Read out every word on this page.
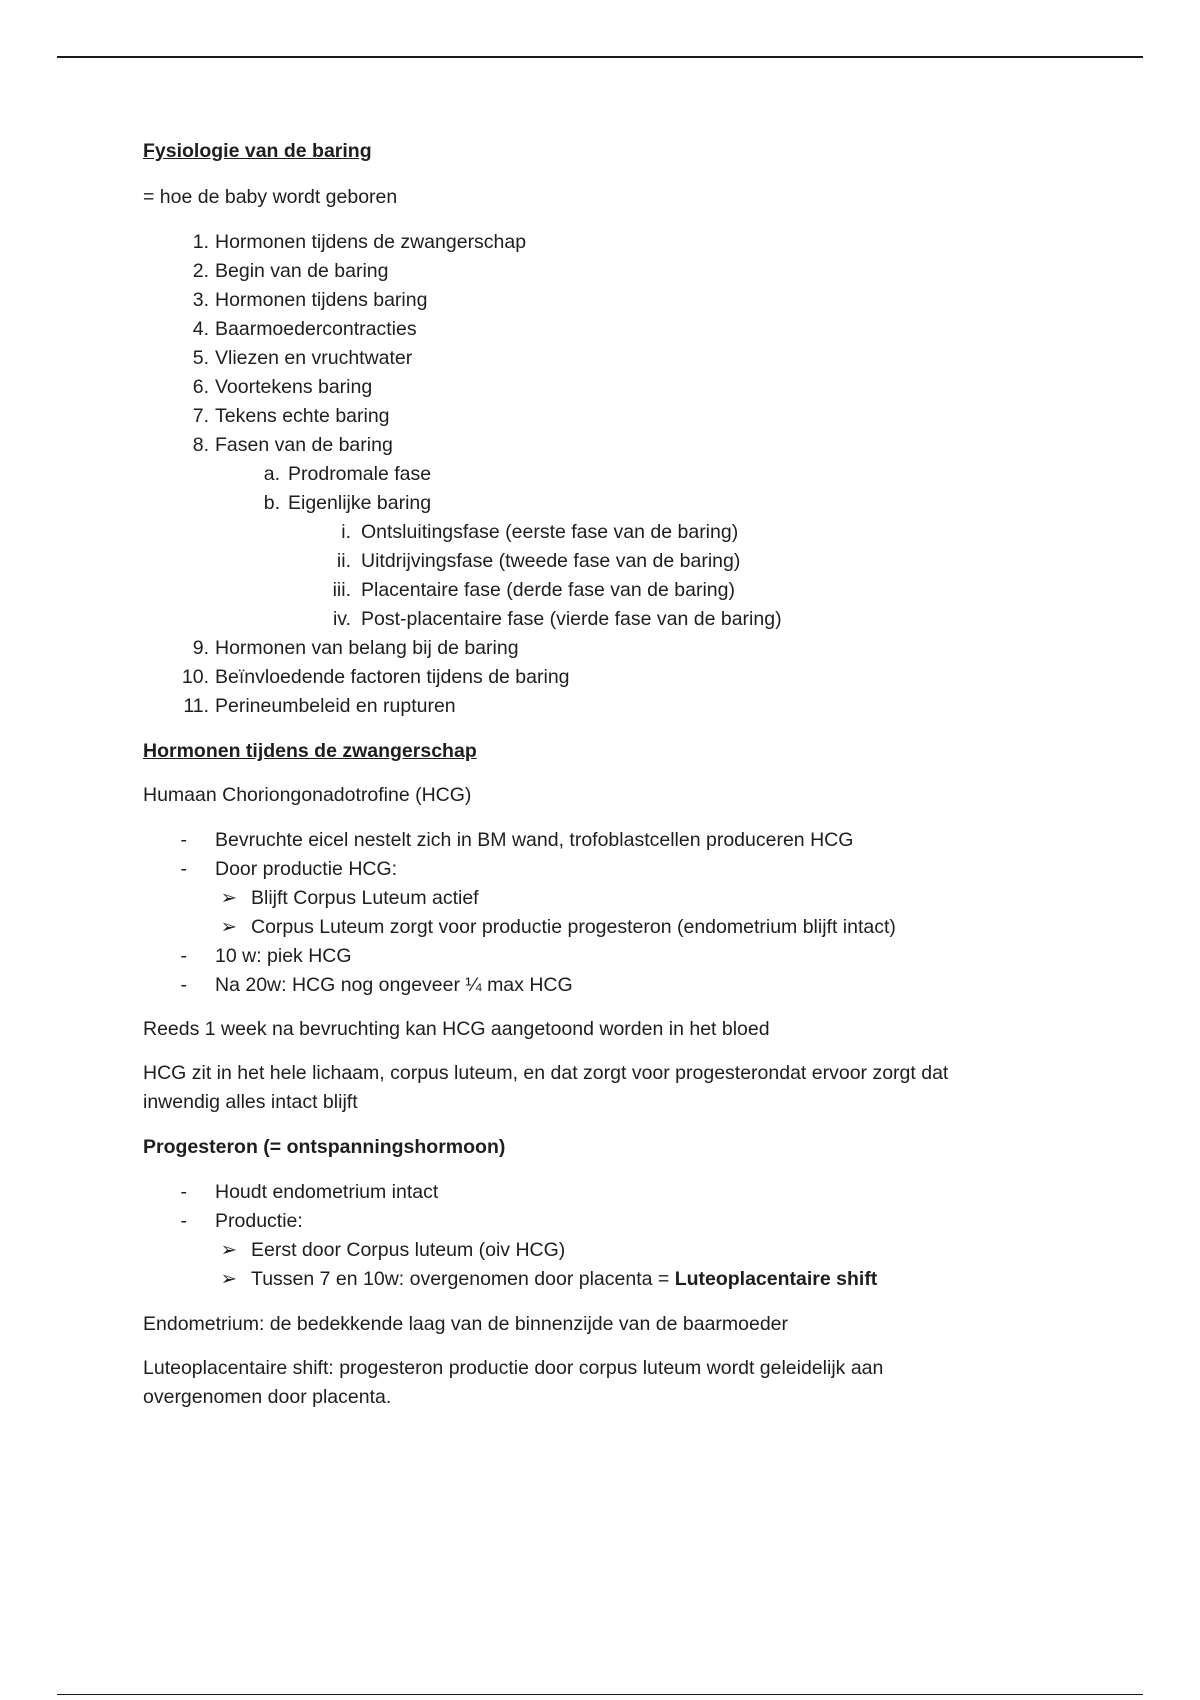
Fysiologie van de baring
= hoe de baby wordt geboren
1. Hormonen tijdens de zwangerschap
2. Begin van de baring
3. Hormonen tijdens baring
4. Baarmoedercontracties
5. Vliezen en vruchtwater
6. Voortekens baring
7. Tekens echte baring
8. Fasen van de baring
a. Prodromale fase
b. Eigenlijke baring
i. Ontsluitingsfase (eerste fase van de baring)
ii. Uitdrijvingsfase (tweede fase van de baring)
iii. Placentaire fase (derde fase van de baring)
iv. Post-placentaire fase (vierde fase van de baring)
9. Hormonen van belang bij de baring
10. Beïnvloedende factoren tijdens de baring
11. Perineumbeleid en rupturen
Hormonen tijdens de zwangerschap
Humaan Choriongonadotrofine (HCG)
- Bevruchte eicel nestelt zich in BM wand, trofoblastcellen produceren HCG
- Door productie HCG:
➢ Blijft Corpus Luteum actief
➢ Corpus Luteum zorgt voor productie progesteron (endometrium blijft intact)
- 10 w: piek HCG
- Na 20w: HCG nog ongeveer ¼ max HCG
Reeds 1 week na bevruchting kan HCG aangetoond worden in het bloed
HCG zit in het hele lichaam, corpus luteum, en dat zorgt voor progesterondat ervoor zorgt dat inwendig alles intact blijft
Progesteron (= ontspanningshormoon)
- Houdt endometrium intact
- Productie:
➢ Eerst door Corpus luteum (oiv HCG)
➢ Tussen 7 en 10w: overgenomen door placenta = Luteoplacentaire shift
Endometrium: de bedekkende laag van de binnenzijde van de baarmoeder
Luteoplacentaire shift: progesteron productie door corpus luteum wordt geleidelijk aan overgenomen door placenta.
